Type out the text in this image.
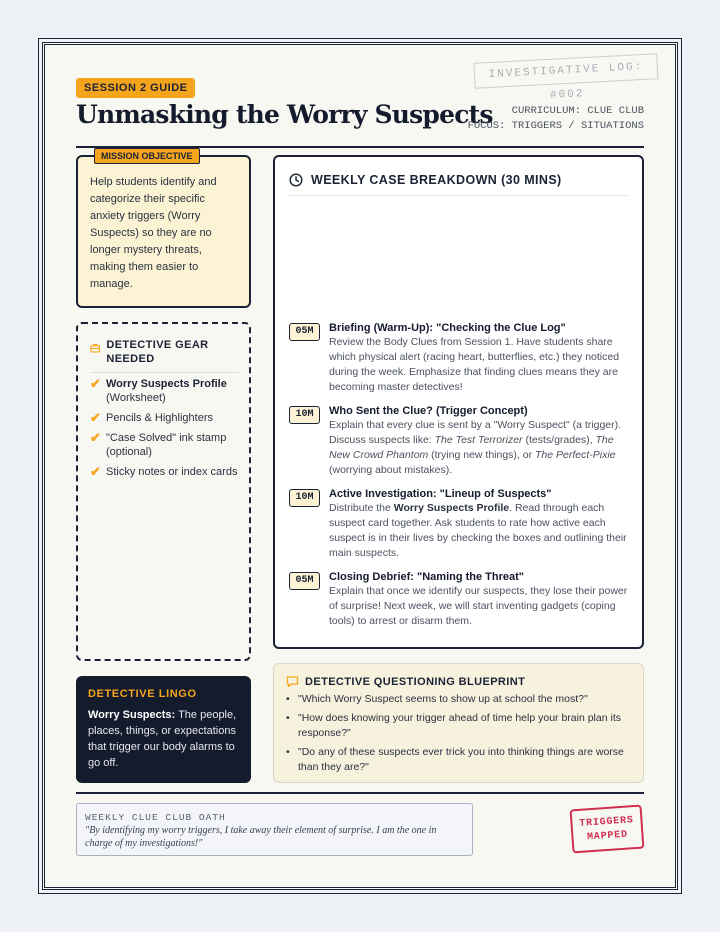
INVESTIGATIVE LOG: #002
SESSION 2 GUIDE
Unmasking the Worry Suspects	CURRICULUM: CLUE CLUB
FOCUS: TRIGGERS / SITUATIONS
MISSION OBJECTIVE

Help students identify and categorize their specific anxiety triggers (Worry Suspects) so they are no longer mystery threats, making them easier to manage.

DETECTIVE GEAR NEEDED
✔ Worry Suspects Profile (Worksheet)
✔ Pencils & Highlighters
✔ "Case Solved" ink stamp (optional)
✔ Sticky notes or index cards
DETECTIVE LINGO

Worry Suspects: The people, places, things, or expectations that trigger our body alarms to go off.

WEEKLY CASE BREAKDOWN (30 MINS)
05M	Briefing (Warm-Up): "Checking the Clue Log"
Review the Body Clues from Session 1. Have students share which physical alert (racing heart, butterflies, etc.) they noticed during the week. Emphasize that finding clues means they are becoming master detectives!
10M	Who Sent the Clue? (Trigger Concept)
Explain that every clue is sent by a "Worry Suspect" (a trigger). Discuss suspects like: The Test Terrorizer (tests/grades), The New Crowd Phantom (trying new things), or The Perfect-Pixie (worrying about mistakes).
10M	Active Investigation: "Lineup of Suspects"
Distribute the Worry Suspects Profile. Read through each suspect card together. Ask students to rate how active each suspect is in their lives by checking the boxes and outlining their main suspects.
05M	Closing Debrief: "Naming the Threat"
Explain that once we identify our suspects, they lose their power of surprise! Next week, we will start inventing gadgets (coping tools) to arrest or disarm them.
DETECTIVE QUESTIONING BLUEPRINT
• "Which Worry Suspect seems to show up at school the most?"
• "How does knowing your trigger ahead of time help your brain plan its response?"
• "Do any of these suspects ever trick you into thinking things are worse than they are?"
WEEKLY CLUE CLUB OATH

"By identifying my worry triggers, I take away their element of surprise. I am the one in charge of my investigations!"

TRIGGERS
MAPPED
